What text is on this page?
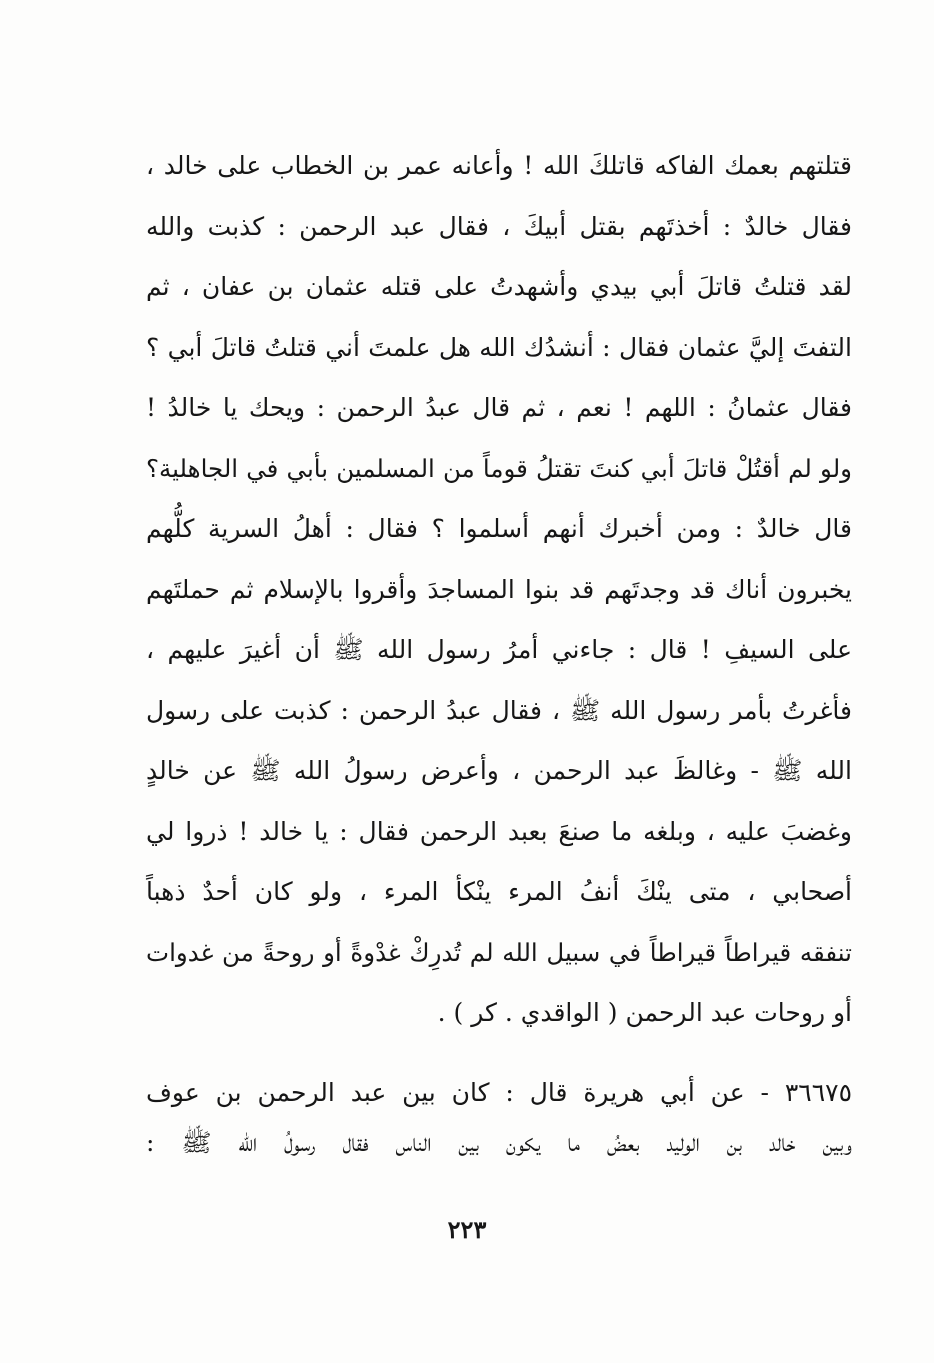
قتلتهم بعمك الفاكه قاتلكَ الله ! وأعانه عمر بن الخطاب على خالد ،
فقال خالدٌ : أخذتَهم بقتل أبيكَ ، فقال عبد الرحمن : كذبت والله
لقد قتلتُ قاتلَ أبي بيدي وأشهدتُ على قتله عثمان بن عفان ، ثم
التفتَ إليَّ عثمان فقال : أنشدُك الله هل علمتَ أني قتلتُ قاتلَ أبي ؟
فقال عثمانُ : اللهم ! نعم ، ثم قال عبدُ الرحمن : ويحك يا خالدُ !
ولو لم أقتُلْ قاتلَ أبي كنتَ تقتلُ قوماً من المسلمين بأبي في الجاهلية؟
قال خالدٌ : ومن أخبرك أنهم أسلموا ؟ فقال : أهلُ السرية كلُّهم
يخبرون أناك قد وجدتَهم قد بنوا المساجدَ وأقروا بالإسلام ثم حملتَهم
على السيفِ ! قال : جاءني أمرُ رسول الله ﷺ أن أغيرَ عليهم ،
فأغرتُ بأمر رسول الله ﷺ ، فقال عبدُ الرحمن : كذبت على رسول
الله ﷺ - وغالظَ عبد الرحمن ، وأعرض رسولُ الله ﷺ عن خالدٍ
وغضبَ عليه ، وبلغه ما صنعَ بعبد الرحمن فقال : يا خالد ! ذروا لي
أصحابي ، متى ينْكَ أنفُ المرء ينْكأ المرء ، ولو كان أحدٌ ذهباً
تنفقه قيراطاً قيراطاً في سبيل الله لم تُدرِكْ غدْوةً أو روحةً من غدوات
أو روحات عبد الرحمن ( الواقدي . كر ) .
٣٦٦٧٥ - عن أبي هريرة قال : كان بين عبد الرحمن بن عوف
وبين خالد بن الوليد بعضُ ما يكون بين الناس فقال رسولُ الله ﷺ :
٢٢٣
